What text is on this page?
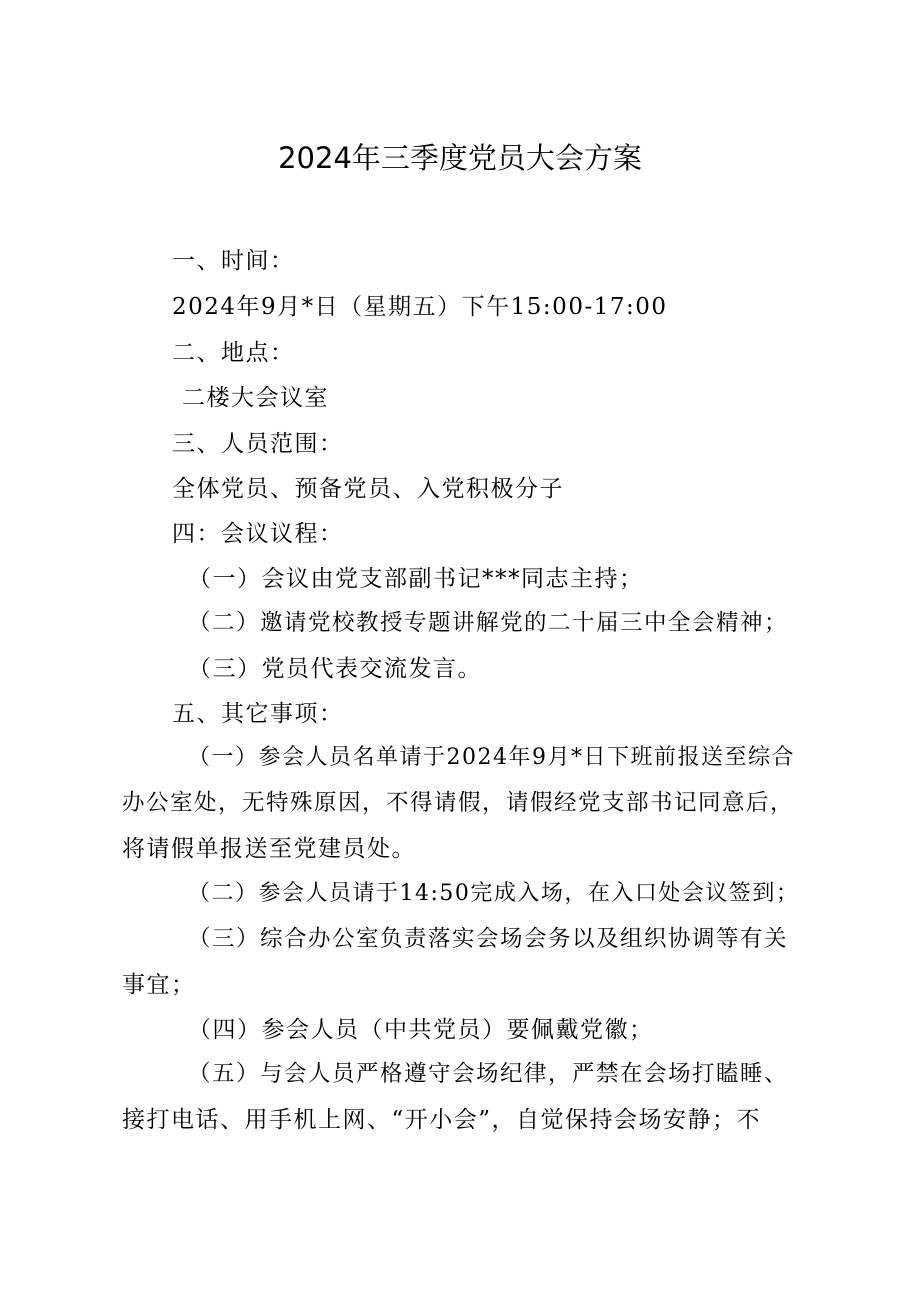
2024年三季度党员大会方案
一、时间：
2024年9月*日（星期五）下午15:00-17:00
二、地点：
二楼大会议室
三、人员范围：
全体党员、预备党员、入党积极分子
四：会议议程：
（一）会议由党支部副书记***同志主持；
（二）邀请党校教授专题讲解党的二十届三中全会精神；
（三）党员代表交流发言。
五、其它事项：
（一）参会人员名单请于2024年9月*日下班前报送至综合
办公室处，无特殊原因，不得请假，请假经党支部书记同意后，
将请假单报送至党建员处。
（二）参会人员请于14:50完成入场，在入口处会议签到；
（三）综合办公室负责落实会场会务以及组织协调等有关
事宜；
（四）参会人员（中共党员）要佩戴党徽；
（五）与会人员严格遵守会场纪律，严禁在会场打瞌睡、
接打电话、用手机上网、“开小会”，自觉保持会场安静；不
